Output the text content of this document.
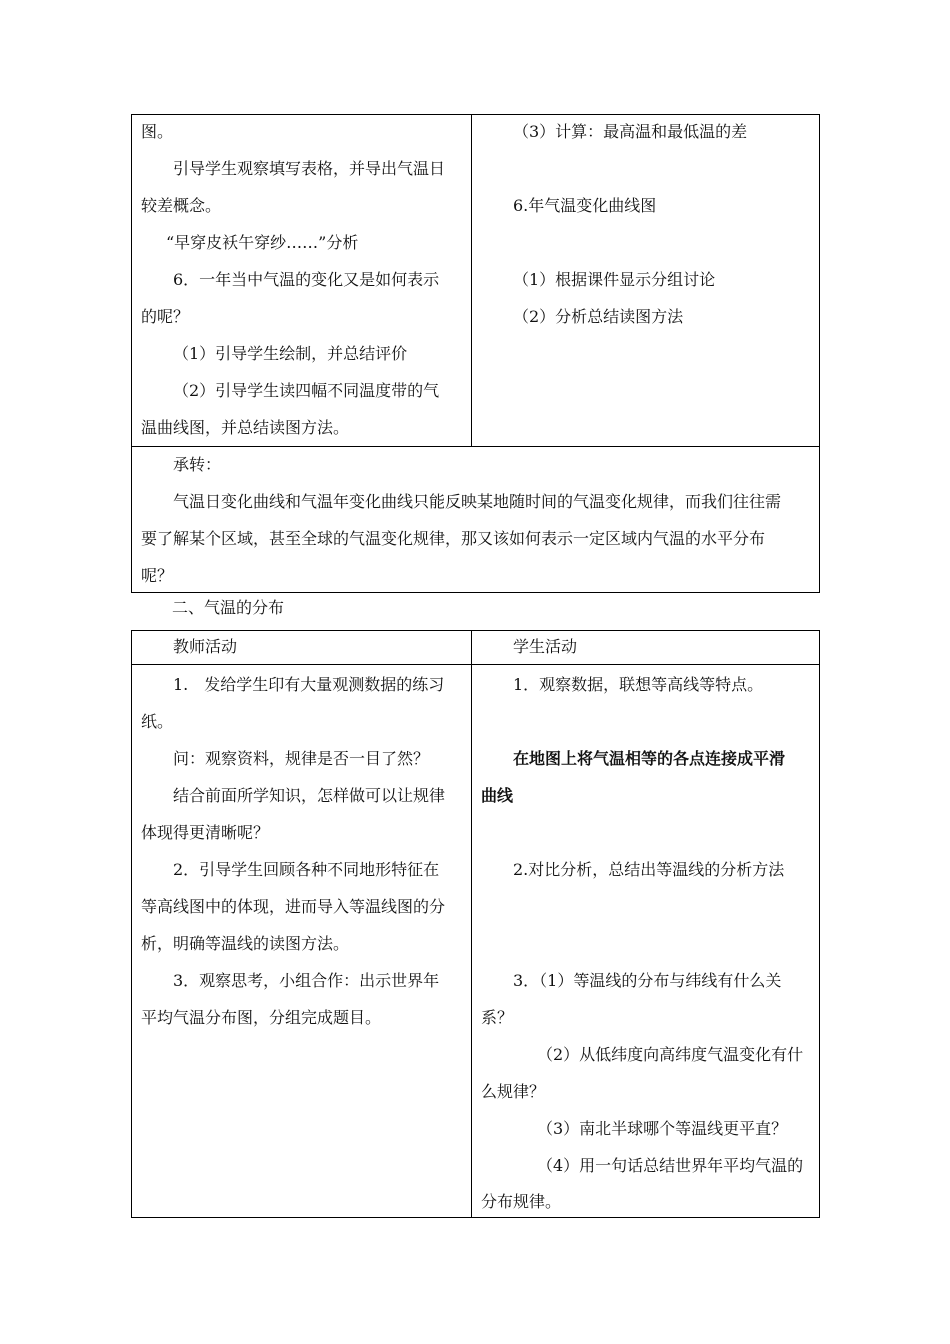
图。
引导学生观察填写表格，并导出气温日
较差概念。
“早穿皮袄午穿纱……”分析
6．一年当中气温的变化又是如何表示
的呢？
（1）引导学生绘制，并总结评价
（2）引导学生读四幅不同温度带的气
温曲线图，并总结读图方法。
（3）计算：最高温和最低温的差
6.年气温变化曲线图
（1）根据课件显示分组讨论
（2）分析总结读图方法
承转：
气温日变化曲线和气温年变化曲线只能反映某地随时间的气温变化规律，而我们往往需
要了解某个区域，甚至全球的气温变化规律，那又该如何表示一定区域内气温的水平分布
呢？
二、气温的分布
教师活动	学生活动
1.　发给学生印有大量观测数据的练习
纸。
问：观察资料，规律是否一目了然？
结合前面所学知识，怎样做可以让规律
体现得更清晰呢？
2．引导学生回顾各种不同地形特征在
等高线图中的体现，进而导入等温线图的分
析，明确等温线的读图方法。
3．观察思考，小组合作：出示世界年
平均气温分布图，分组完成题目。
1．观察数据，联想等高线等特点。
在地图上将气温相等的各点连接成平滑
曲线
2.对比分析，总结出等温线的分析方法
3．（1）等温线的分布与纬线有什么关
系？
（2）从低纬度向高纬度气温变化有什
么规律？
（3）南北半球哪个等温线更平直？
（4）用一句话总结世界年平均气温的
分布规律。
